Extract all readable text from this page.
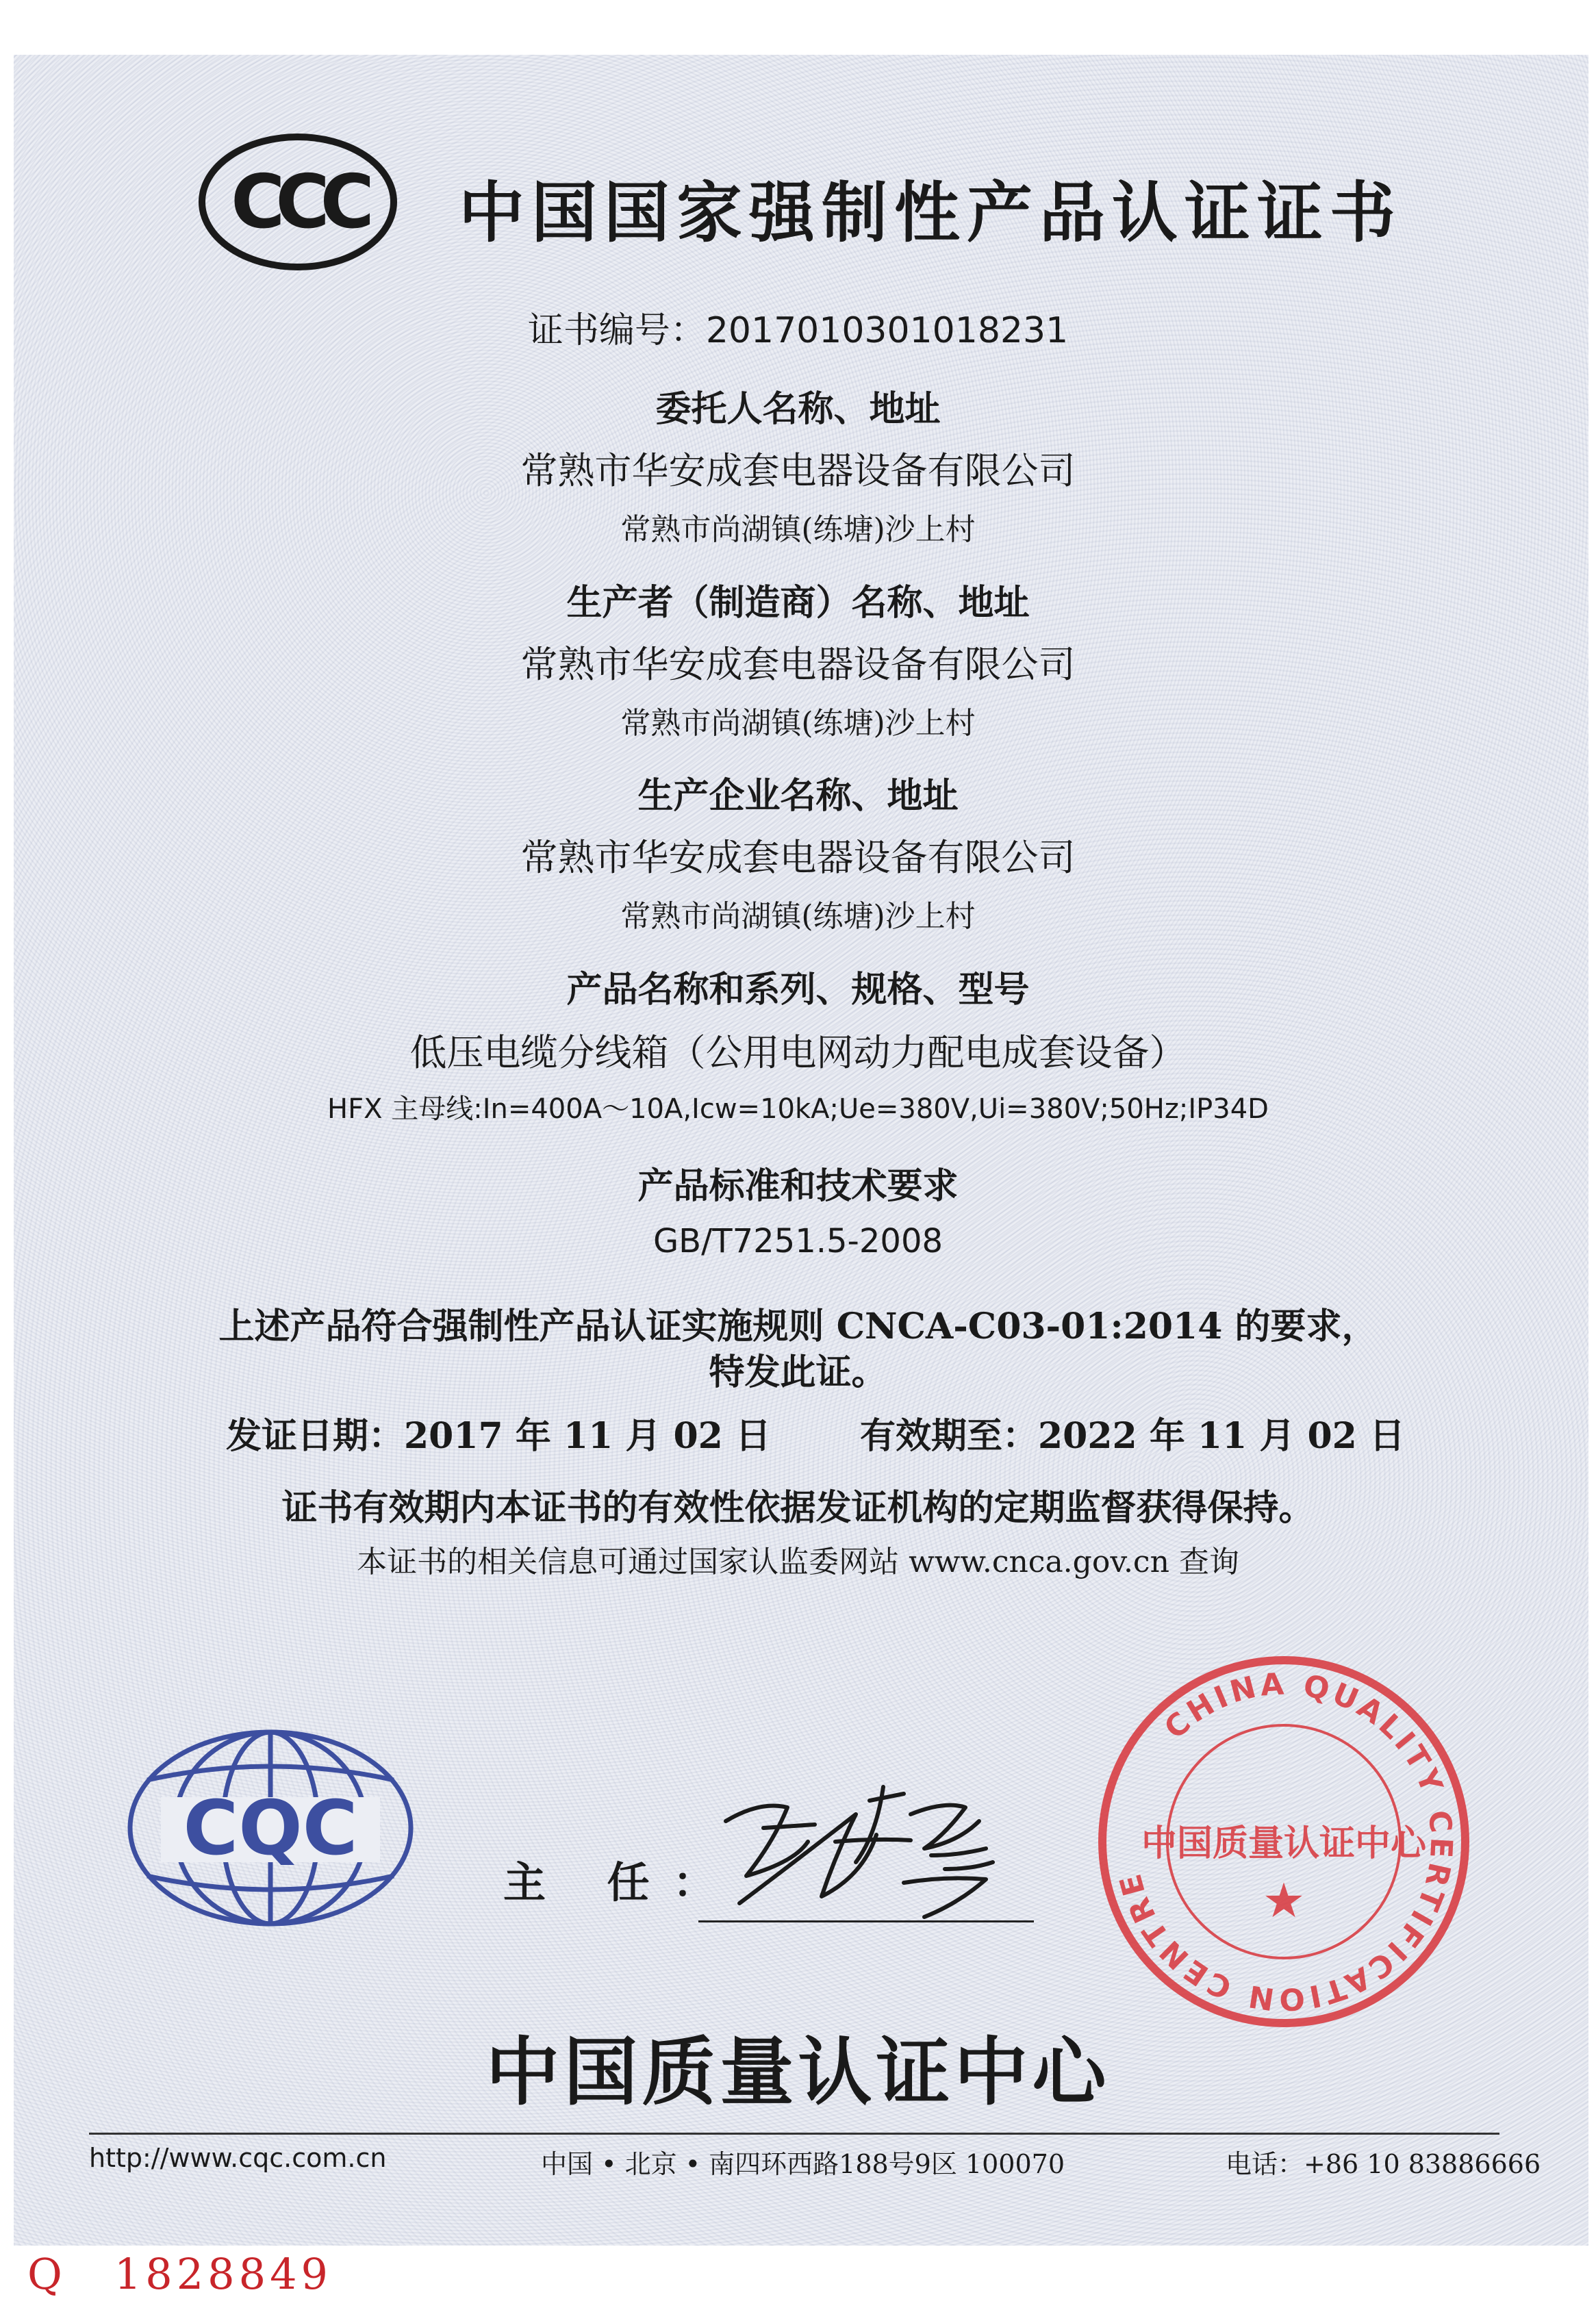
CCC 中国国家强制性产品认证证书
证书编号：2017010301018231
委托人名称、地址
常熟市华安成套电器设备有限公司
常熟市尚湖镇(练塘)沙上村
生产者（制造商）名称、地址
常熟市华安成套电器设备有限公司
常熟市尚湖镇(练塘)沙上村
生产企业名称、地址
常熟市华安成套电器设备有限公司
常熟市尚湖镇(练塘)沙上村
产品名称和系列、规格、型号
低压电缆分线箱（公用电网动力配电成套设备）
HFX 主母线:In=400A～10A,Icw=10kA;Ue=380V,Ui=380V;50Hz;IP34D
产品标准和技术要求
GB/T7251.5-2008
上述产品符合强制性产品认证实施规则 CNCA-C03-01:2014 的要求，
特发此证。
发证日期：2017 年 11 月 02 日	有效期至：2022 年 11 月 02 日
证书有效期内本证书的有效性依据发证机构的定期监督获得保持。
本证书的相关信息可通过国家认监委网站 www.cnca.gov.cn 查询
CQC
主 任：
CHINA QUALITY CERTIFICATION CENTRE
中国质量认证中心
★
中国质量认证中心
http://www.cqc.com.cn	中国 • 北京 • 南四环西路188号9区 100070	电话：+86 10 83886666
Q 1828849
